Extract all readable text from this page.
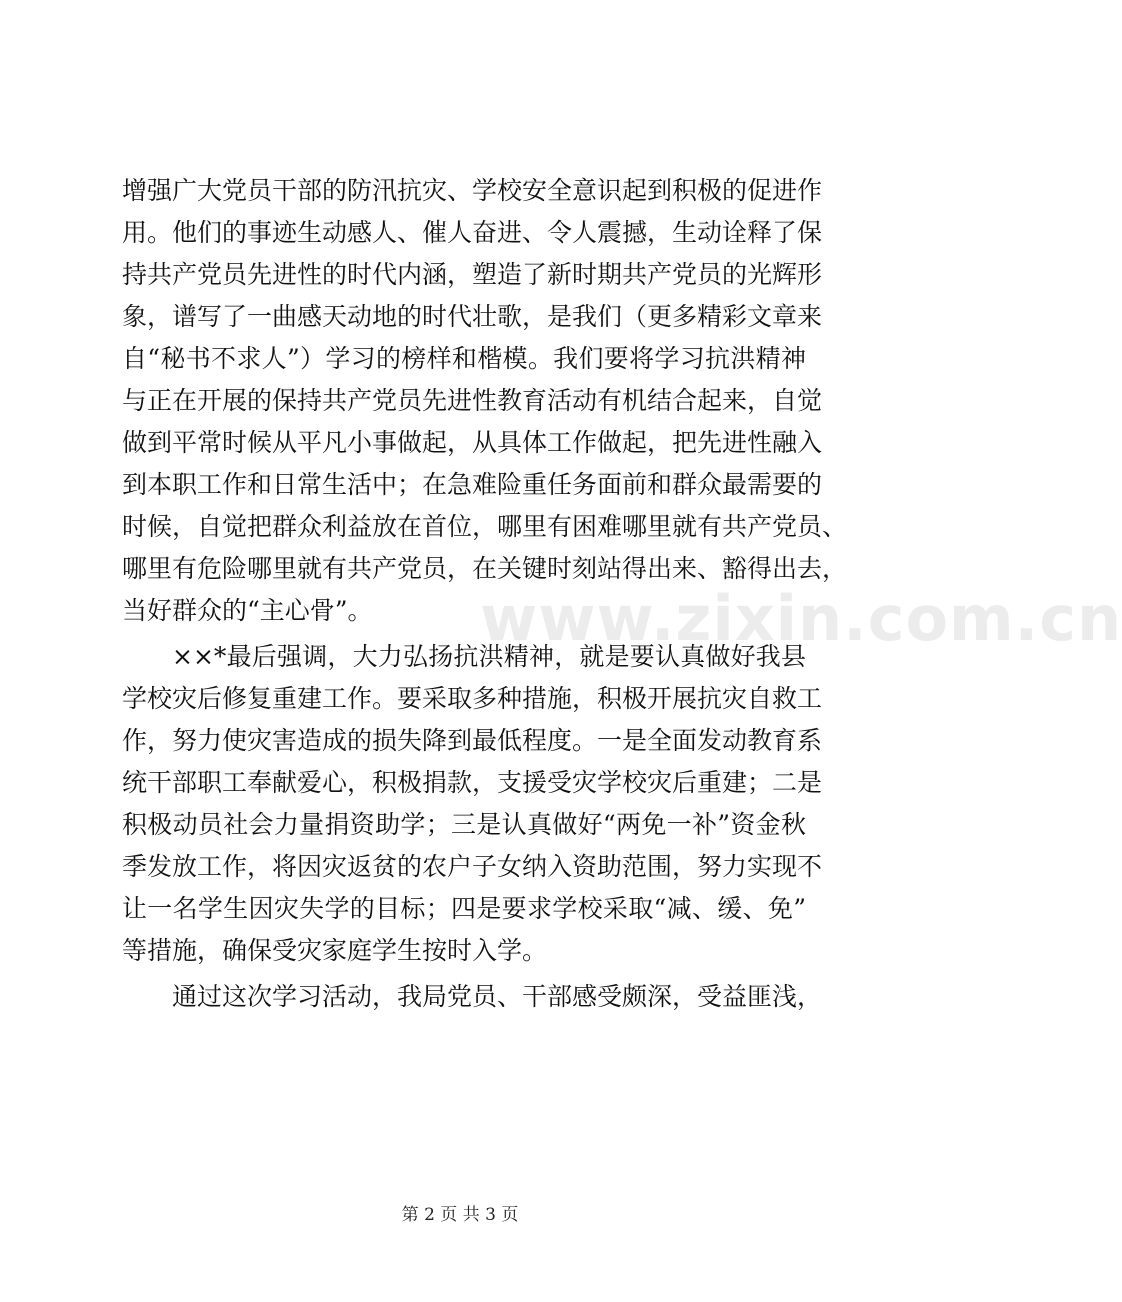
增强广大党员干部的防汛抗灾、学校安全意识起到积极的促进作
用。他们的事迹生动感人、催人奋进、令人震撼，生动诠释了保
持共产党员先进性的时代内涵，塑造了新时期共产党员的光辉形
象，谱写了一曲感天动地的时代壮歌，是我们（更多精彩文章来
自“秘书不求人”）学习的榜样和楷模。我们要将学习抗洪精神
与正在开展的保持共产党员先进性教育活动有机结合起来，自觉
做到平常时候从平凡小事做起，从具体工作做起，把先进性融入
到本职工作和日常生活中；在急难险重任务面前和群众最需要的
时候，自觉把群众利益放在首位，哪里有困难哪里就有共产党员、
哪里有危险哪里就有共产党员，在关键时刻站得出来、豁得出去，
当好群众的“主心骨”。
××*最后强调，大力弘扬抗洪精神，就是要认真做好我县
学校灾后修复重建工作。要采取多种措施，积极开展抗灾自救工
作，努力使灾害造成的损失降到最低程度。一是全面发动教育系
统干部职工奉献爱心，积极捐款，支援受灾学校灾后重建；二是
积极动员社会力量捐资助学；三是认真做好“两免一补”资金秋
季发放工作，将因灾返贫的农户子女纳入资助范围，努力实现不
让一名学生因灾失学的目标；四是要求学校采取“减、缓、免”
等措施，确保受灾家庭学生按时入学。
通过这次学习活动，我局党员、干部感受颇深，受益匪浅，
www.zixin.com.cn
第 2 页 共 3 页
